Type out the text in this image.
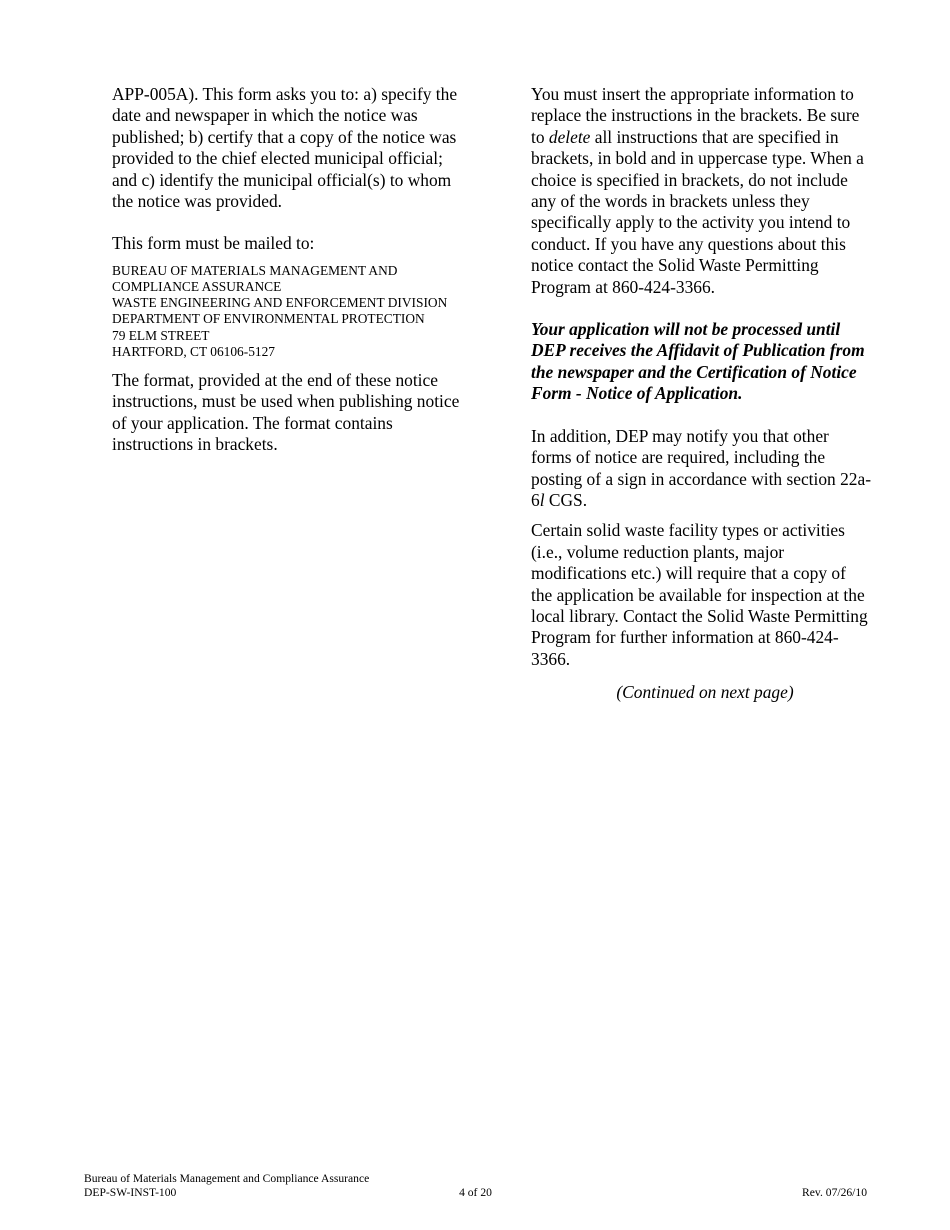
APP-005A). This form asks you to: a) specify the date and newspaper in which the notice was published; b) certify that a copy of the notice was provided to the chief elected municipal official; and c) identify the municipal official(s) to whom the notice was provided.

This form must be mailed to:

BUREAU OF MATERIALS MANAGEMENT AND
COMPLIANCE ASSURANCE
WASTE ENGINEERING AND ENFORCEMENT DIVISION
DEPARTMENT OF ENVIRONMENTAL PROTECTION
79 ELM STREET
HARTFORD, CT 06106-5127

The format, provided at the end of these notice instructions, must be used when publishing notice of your application. The format contains instructions in brackets.

You must insert the appropriate information to replace the instructions in the brackets. Be sure to delete all instructions that are specified in brackets, in bold and in uppercase type. When a choice is specified in brackets, do not include any of the words in brackets unless they specifically apply to the activity you intend to conduct. If you have any questions about this notice contact the Solid Waste Permitting Program at 860-424-3366.

Your application will not be processed until DEP receives the Affidavit of Publication from the newspaper and the Certification of Notice Form - Notice of Application.

In addition, DEP may notify you that other forms of notice are required, including the posting of a sign in accordance with section 22a-6l CGS.

Certain solid waste facility types or activities (i.e., volume reduction plants, major modifications etc.) will require that a copy of the application be available for inspection at the local library. Contact the Solid Waste Permitting Program for further information at 860-424-3366.

(Continued on next page)

Bureau of Materials Management and Compliance Assurance
DEP-SW-INST-100	4 of 20	Rev. 07/26/10
